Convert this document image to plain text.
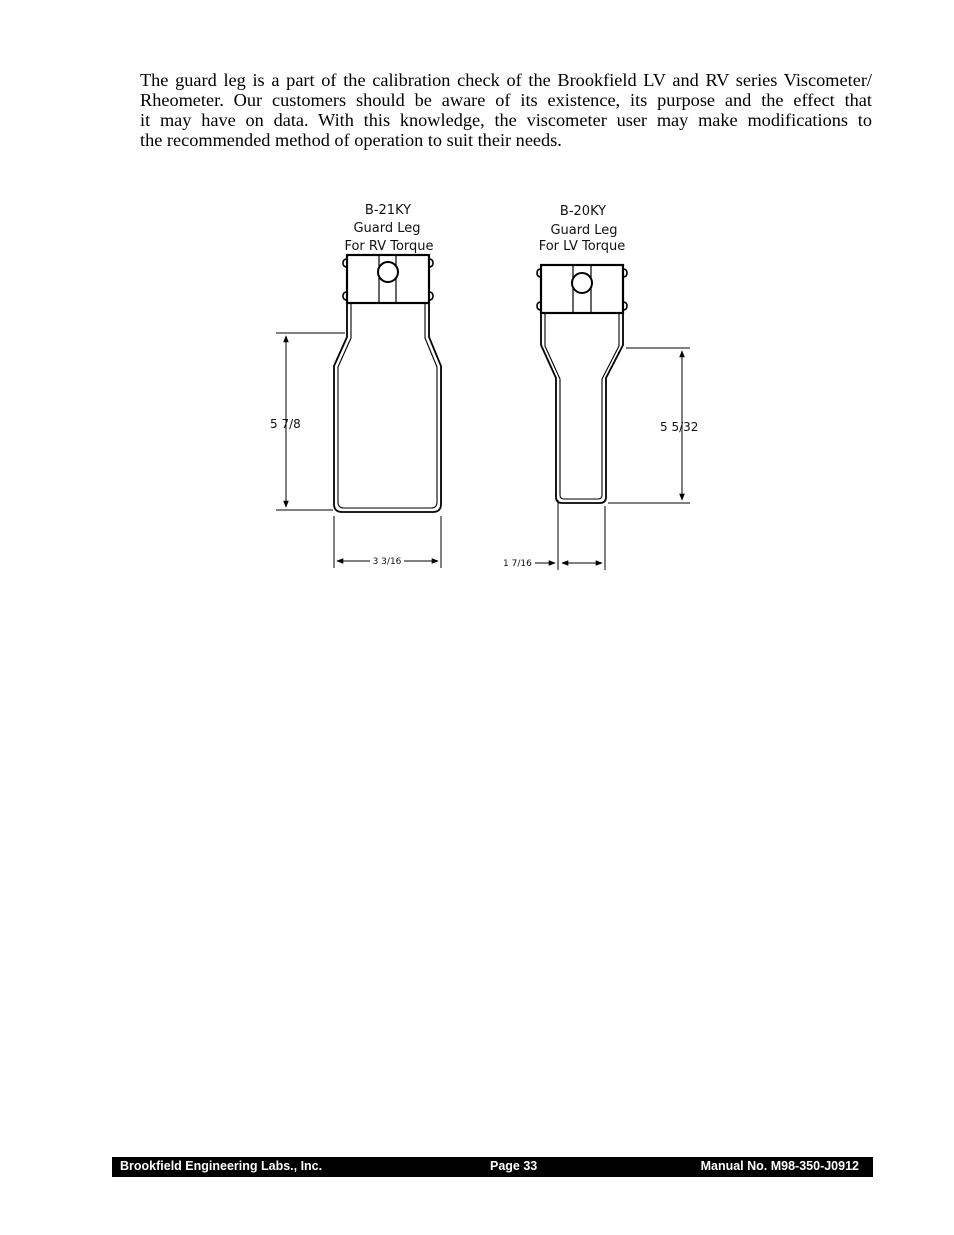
The guard leg is a part of the calibration check of the Brookfield LV and RV series Viscometer/
Rheometer. Our customers should be aware of its existence, its purpose and the effect that
it may have on data. With this knowledge, the viscometer user may make modifications to
the recommended method of operation to suit their needs.

5 7/8
3 3/16
B-21KY
Guard Leg
For RV Torque
5 5/32
1 7/16
B-20KY
Guard Leg
For LV Torque
Brookfield Engineering Labs., Inc.	Page 33	Manual No. M98-350-J0912
